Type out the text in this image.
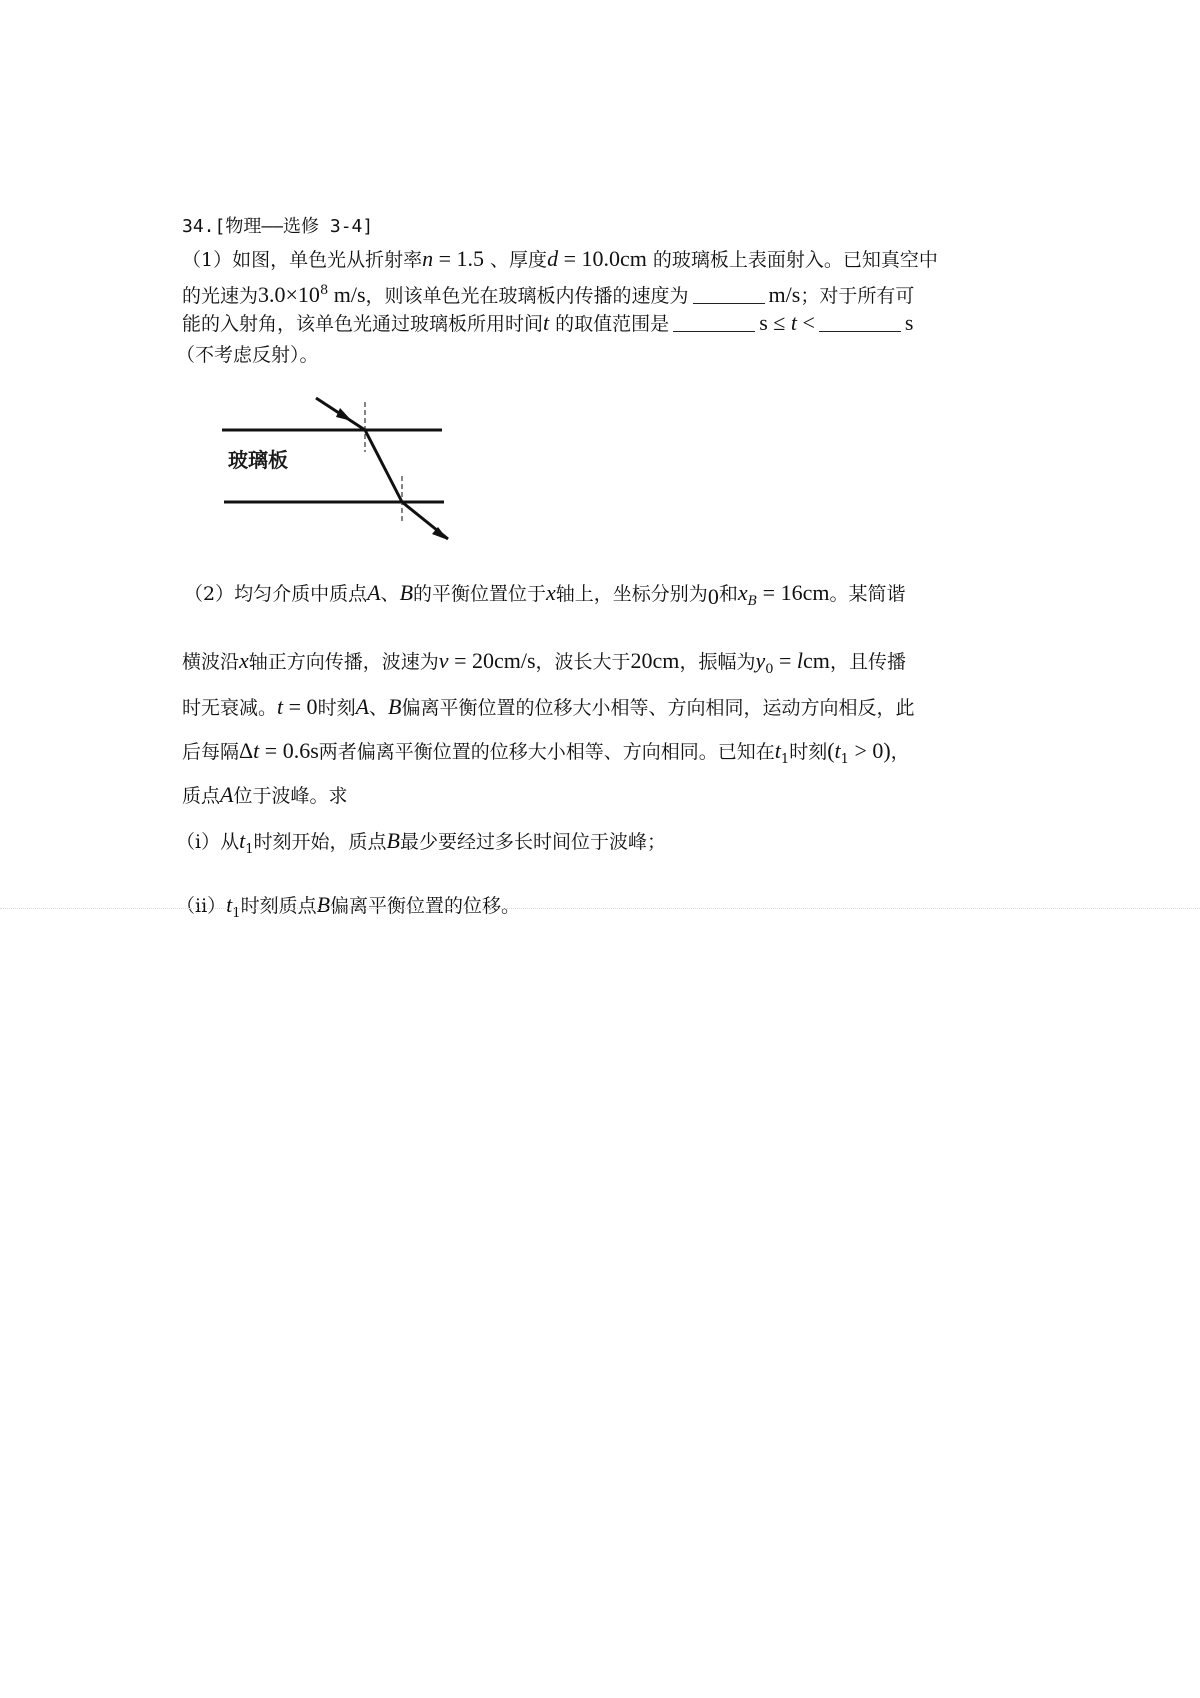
34.[物理——选修 3-4]
（1）如图，单色光从折射率n = 1.5 、厚度d = 10.0cm 的玻璃板上表面射入。已知真空中
的光速为$3.0\times 10^8$ m/s，则该单色光在玻璃板内传播的速度为	m/s；对于所有可
能的入射角，该单色光通过玻璃板所用时间t 的取值范围是	s ≤ t <	s
（不考虑反射）。
玻璃板
（2）均匀介质中质点A、B的平衡位置位于x轴上，坐标分别为0和$x_B = 16cm$。某简谐
横波沿x轴正方向传播，波速为v = 20cm/s，波长大于20cm，振幅为$y_0$ = lcm，且传播
时无衰减。t = 0时刻A、B偏离平衡位置的位移大小相等、方向相同，运动方向相反，此
后每隔Δt = 0.6s两者偏离平衡位置的位移大小相等、方向相同。已知在$t_1$时刻$(t_1 > 0)$，
质点A位于波峰。求
（i）从$t_1$时刻开始，质点B最少要经过多长时间位于波峰；
$(ii)t_1$时刻质点B偏离平衡位置的位移。
